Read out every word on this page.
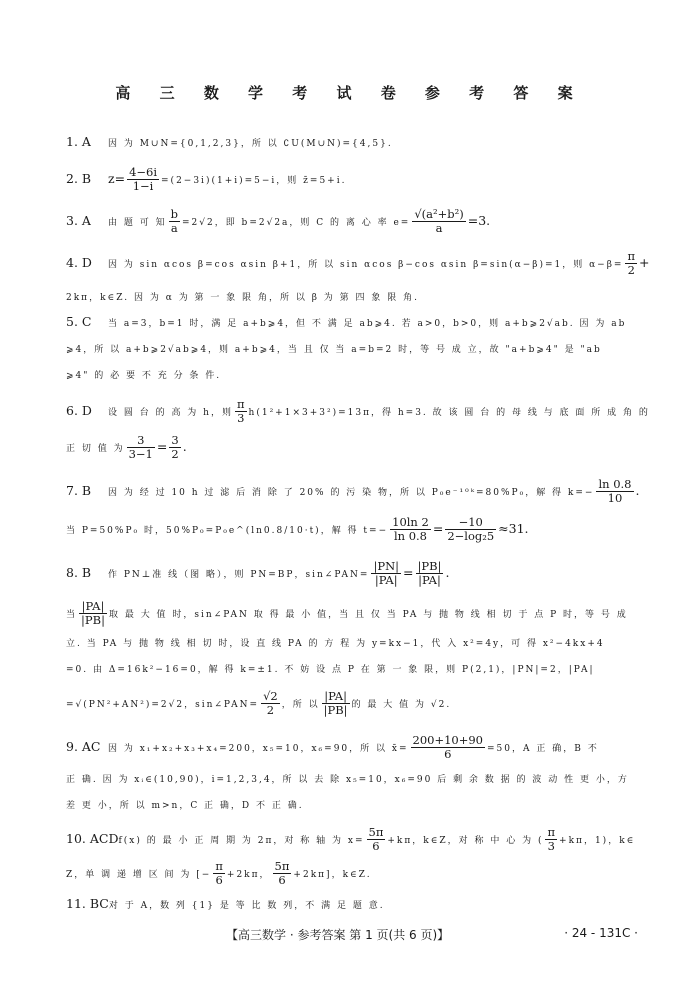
高 三 数 学 考 试 卷 参 考 答 案
1. A 因 为 M∪N={0,1,2,3}，所 以 ∁U(M∪N)={4,5}.
2. B $z= \frac{4-6i}{1-i} =(2-3i)(1+i)=5-i$，则 z̄=5+i.
3. A 由 题 可 知 $\frac{b}{a} =2√2$，即 b=2√2a，则 C 的 离 心 率 $e= \frac{\text{√(a²+b²)}}{a} =3$.
4. D 因 为 sin αcos β=cos αsin β+1，所 以 sin αcos β−cos αsin β=sin(α−β)=1，则 $\alpha-\beta= \frac{\pi}{2}$ +
2kπ，k∈Z. 因 为 α 为 第 一 象 限 角，所 以 β 为 第 四 象 限 角.
5. C 当 a=3，b=1 时，满 足 a+b⩾4，但 不 满 足 ab⩾4. 若 a>0，b>0，则 a+b⩾2√ab. 因 为 ab
⩾4，所 以 a+b⩾2√ab⩾4，则 a+b⩾4，当 且 仅 当 a=b=2 时，等 号 成 立，故 "a+b⩾4" 是 "ab
⩾4" 的 必 要 不 充 分 条 件.
6. D 设 圆 台 的 高 为 h，则 $\frac{\pi}{3} h(1^2+1\times 3+3^2)=13\pi$，得 h=3. 故 该 圆 台 的 母 线 与 底 面 所 成 角 的
正 切 值 为 $\frac{3}{3-1} = \frac{3}{2}$ .
7. B 因 为 经 过 10 h 过 滤 后 消 除 了 20% 的 污 染 物，所 以 P₀e⁻¹⁰ᵏ=80%P₀，解 得 $k=- \frac{\ln 0.8}{10}$ .
当 P=50%P₀ 时，50%P₀=P₀e^(ln0.8/10·t)，解 得 $t=- \frac{10\ln 2}{\ln 0.8} = \frac{-10}{\text{2−log₂5}} \approx 31$.
8. B 作 PN⊥准 线（图 略），则 PN=BP，sin∠PAN= $\frac{|PN|}{|PA|} = \frac{|PB|}{|PA|}$ .
当 $\frac{|PA|}{|PB|}$ 取 最 大 值 时，sin∠PAN 取 得 最 小 值，当 且 仅 当 PA 与 抛 物 线 相 切 于 点 P 时，等 号 成
立. 当 PA 与 抛 物 线 相 切 时，设 直 线 PA 的 方 程 为 y=kx−1，代 入 x²=4y，可 得 x²−4kx+4
=0. 由 Δ=16k²−16=0，解 得 k=±1. 不 妨 设 点 P 在 第 一 象 限，则 P(2,1)，|PN|=2，|PA|
=√(PN²+AN²)=2√2，sin∠PAN= $\frac{√2}{2}$ ，所 以 $\frac{|PA|}{|PB|}$ 的 最 大 值 为 √2.
9. AC 因 为 x₁+x₂+x₃+x₄=200，x₅=10，x₆=90，所 以 x̄= $\frac{200+10+90}{6} =50$，A 正 确，B 不
正 确. 因 为 xᵢ∈(10,90)，i=1,2,3,4，所 以 去 除 x₅=10，x₆=90 后 剩 余 数 据 的 波 动 性 更 小，方
差 更 小，所 以 m>n，C 正 确，D 不 正 确.
10. ACDf(x) 的 最 小 正 周 期 为 2π，对 称 轴 为 $x= \frac{5\pi}{6} +k\pi$，k∈Z，对 称 中 心 为 ( $\frac{\pi}{3} +k\pi$，1)，k∈
Z，单 调 递 增 区 间 为 [− $\frac{\pi}{6} +2k\pi$， $\frac{5\pi}{6} +2k\pi$]，k∈Z.
11. BC对 于 A，数 列 {1} 是 等 比 数 列，不 满 足 题 意.
【高三数学 · 参考答案 第 1 页(共 6 页)】	· 24 - 131C ·
